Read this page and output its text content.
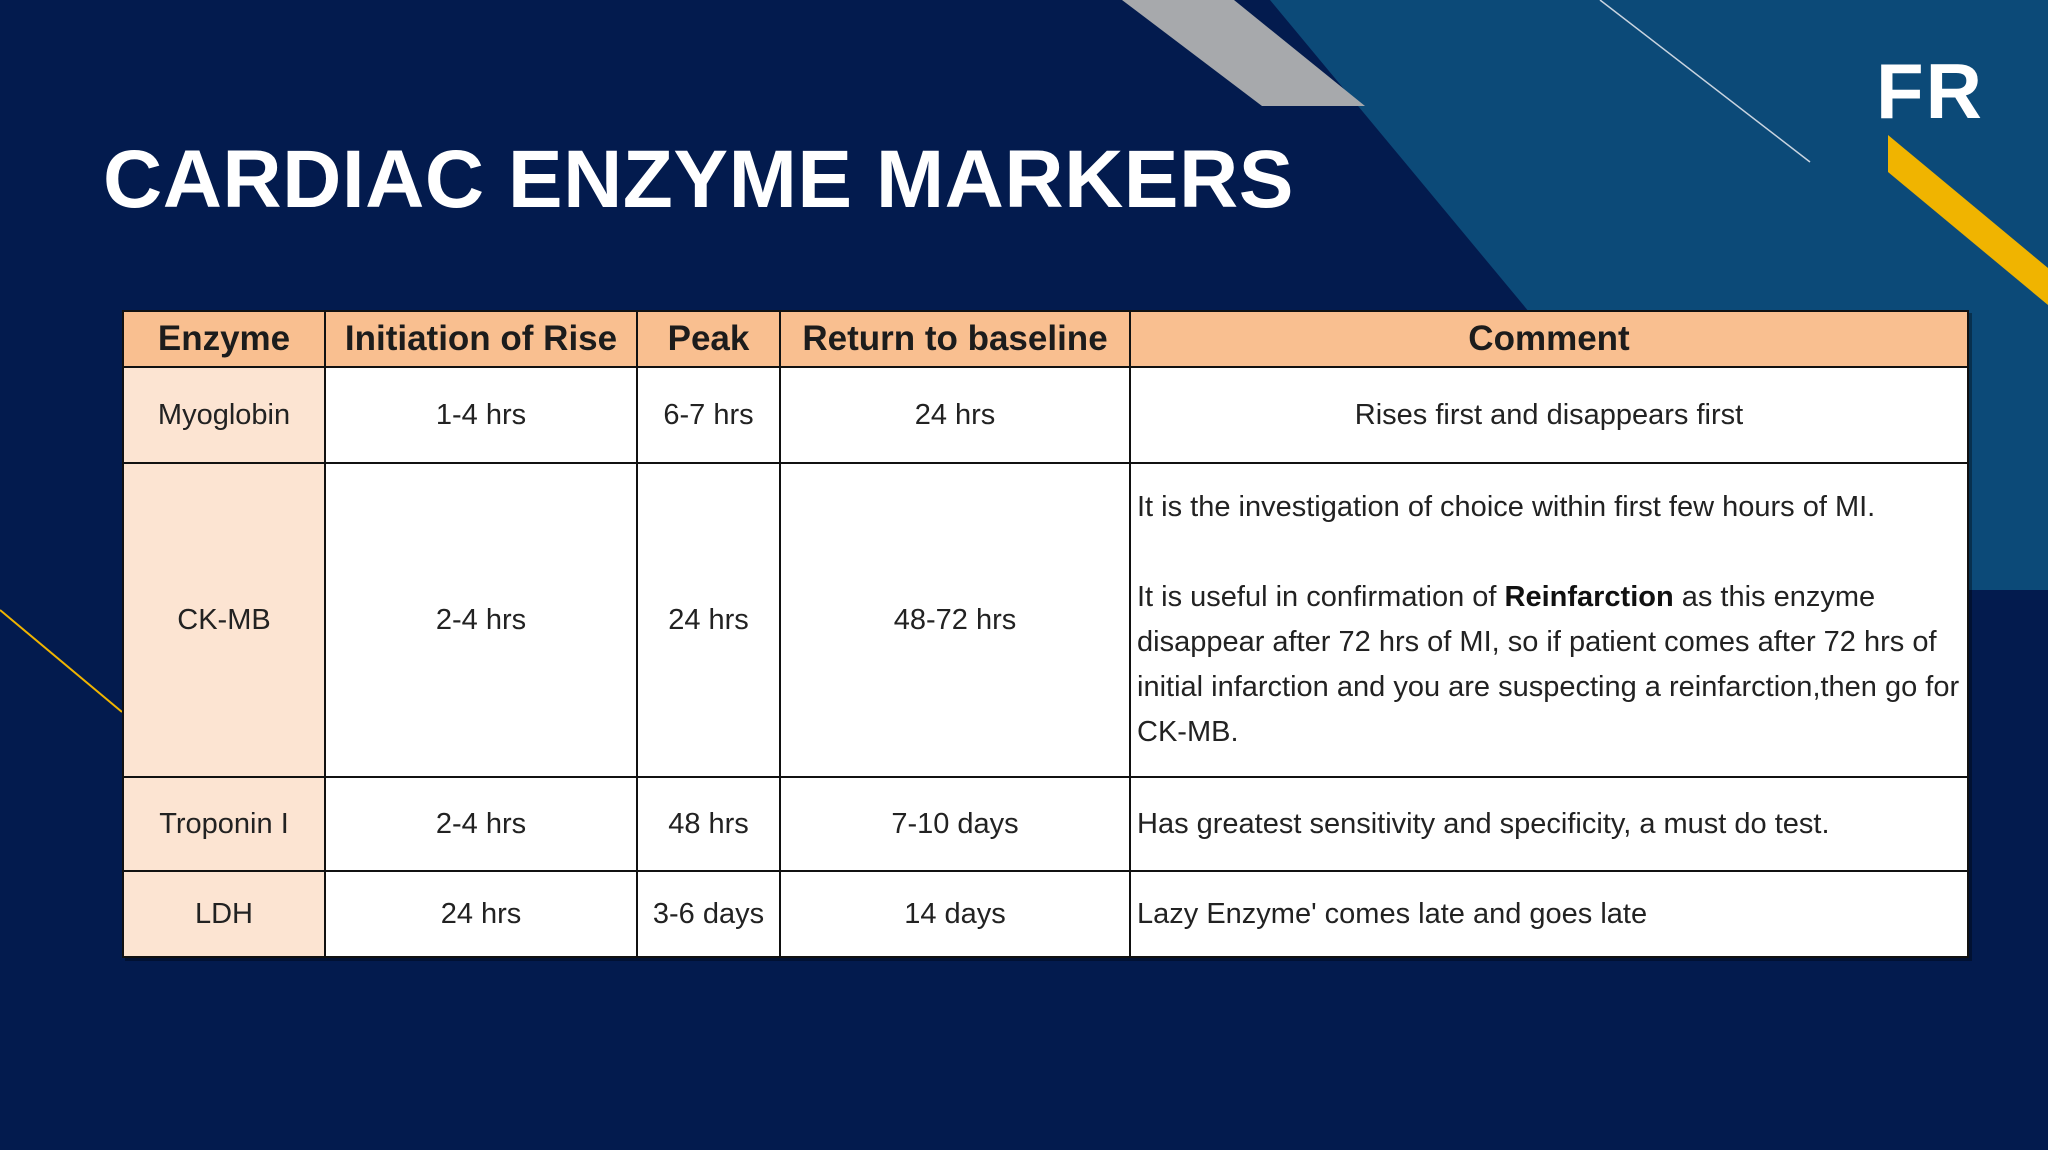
FR
CARDIAC ENZYME MARKERS
Enzyme	Initiation of Rise	Peak	Return to baseline	Comment
Myoglobin	1-4 hrs	6-7 hrs	24 hrs	Rises first and disappears first
CK-MB	2-4 hrs	24 hrs	48-72 hrs	It is the investigation of choice within first few hours of MI.
It is useful in confirmation of Reinfarction as this enzyme disappear after 72 hrs of MI, so if patient comes after 72 hrs of initial infarction and you are suspecting a reinfarction,then go for CK-MB.

Troponin I	2-4 hrs	48 hrs	7-10 days	Has greatest sensitivity and specificity, a must do test.
LDH	24 hrs	3-6 days	14 days	Lazy Enzyme' comes late and goes late
